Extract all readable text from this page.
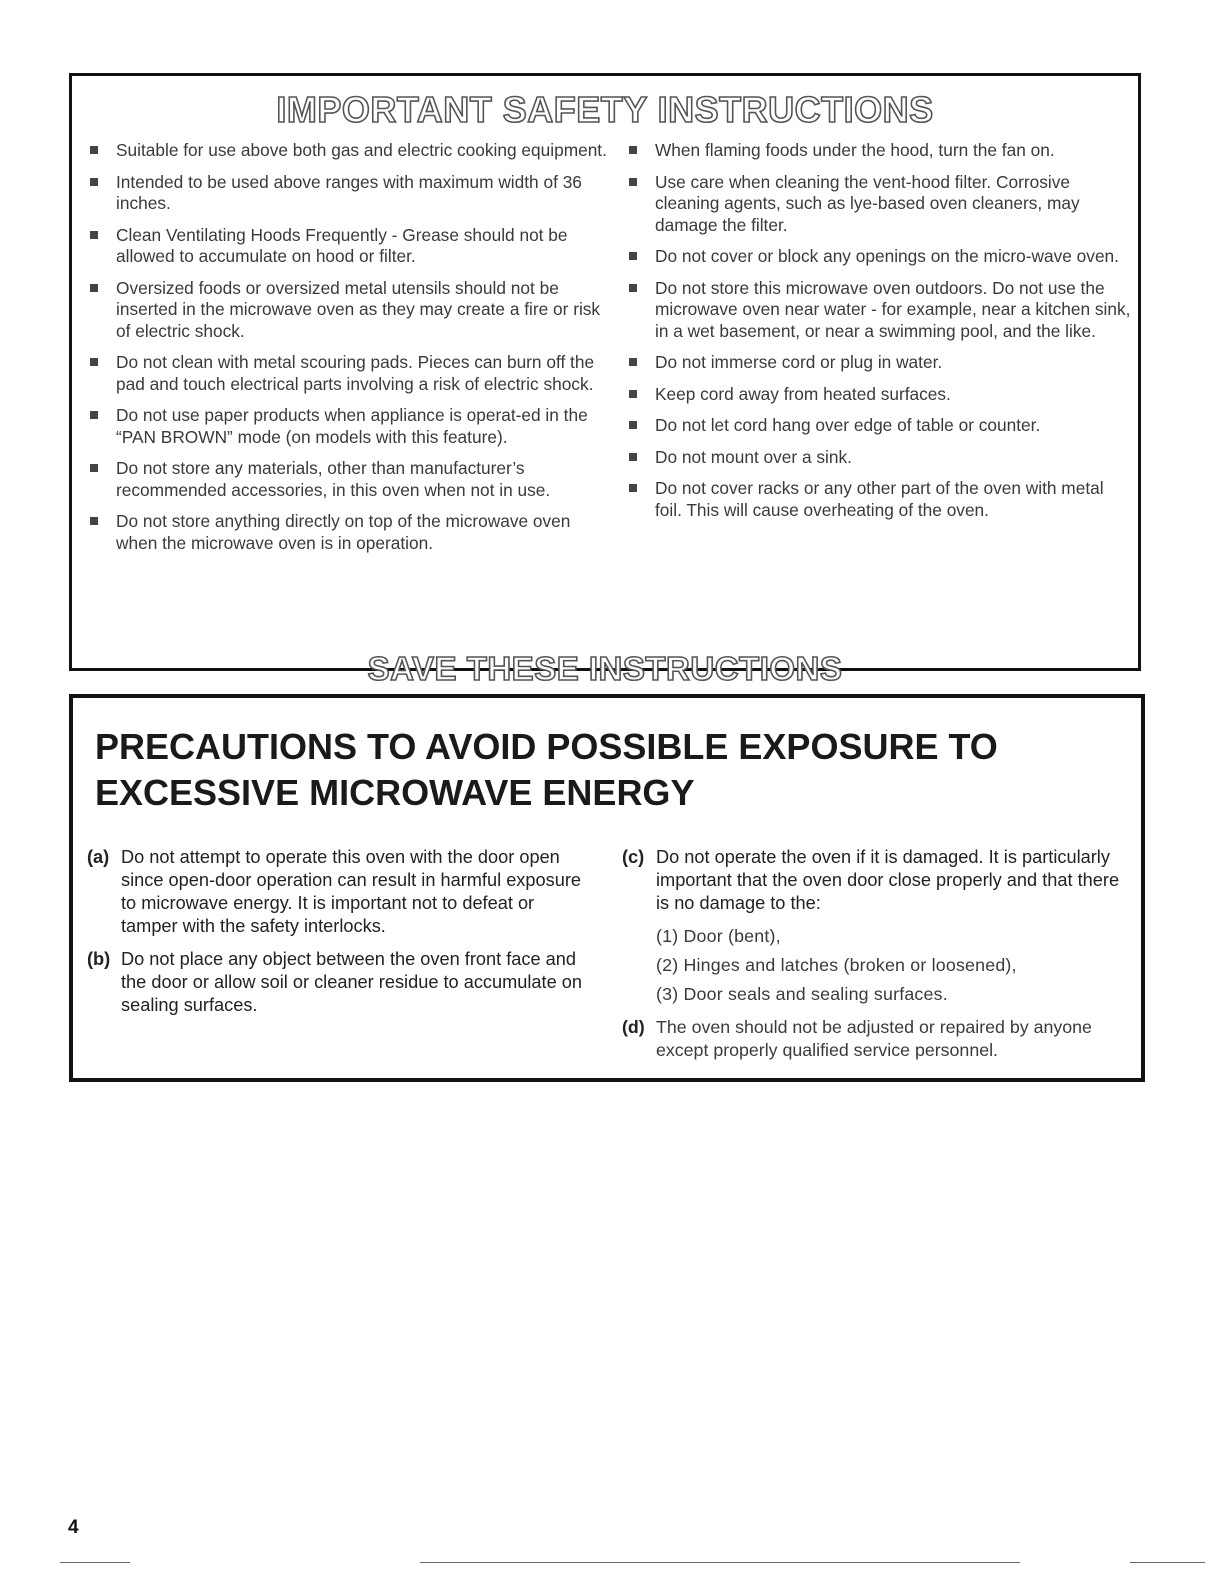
IMPORTANT SAFETY INSTRUCTIONS
Suitable for use above both gas and electric cooking equipment.
Intended to be used above ranges with maximum width of 36 inches.
Clean Ventilating Hoods Frequently - Grease should not be allowed to accumulate on hood or filter.
Oversized foods or oversized metal utensils should not be inserted in the microwave oven as they may create a fire or risk of electric shock.
Do not clean with metal scouring pads. Pieces can burn off the pad and touch electrical parts involving a risk of electric shock.
Do not use paper products when appliance is operat-ed in the “PAN BROWN” mode (on models with this feature).
Do not store any materials, other than manufacturer’s recommended accessories, in this oven when not in use.
Do not store anything directly on top of the microwave oven when the microwave oven is in operation.
When flaming foods under the hood, turn the fan on.
Use care when cleaning the vent-hood filter. Corrosive cleaning agents, such as lye-based oven cleaners, may damage the filter.
Do not cover or block any openings on the micro-wave oven.
Do not store this microwave oven outdoors. Do not use the microwave oven near water - for example, near a kitchen sink, in a wet basement, or near a swimming pool, and the like.
Do not immerse cord or plug in water.
Keep cord away from heated surfaces.
Do not let cord hang over edge of table or counter.
Do not mount over a sink.
Do not cover racks or any other part of the oven with metal foil. This will cause overheating of the oven.
SAVE THESE INSTRUCTIONS
PRECAUTIONS TO AVOID POSSIBLE EXPOSURE TO EXCESSIVE MICROWAVE ENERGY
(a) Do not attempt to operate this oven with the door open since open-door operation can result in harmful exposure to microwave energy. It is important not to defeat or tamper with the safety interlocks.
(b) Do not place any object between the oven front face and the door or allow soil or cleaner residue to accumulate on sealing surfaces.
(c) Do not operate the oven if it is damaged. It is particularly important that the oven door close properly and that there is no damage to the:
(1) Door (bent),
(2) Hinges and latches (broken or loosened),
(3) Door seals and sealing surfaces.
(d) The oven should not be adjusted or repaired by anyone except properly qualified service personnel.
4
